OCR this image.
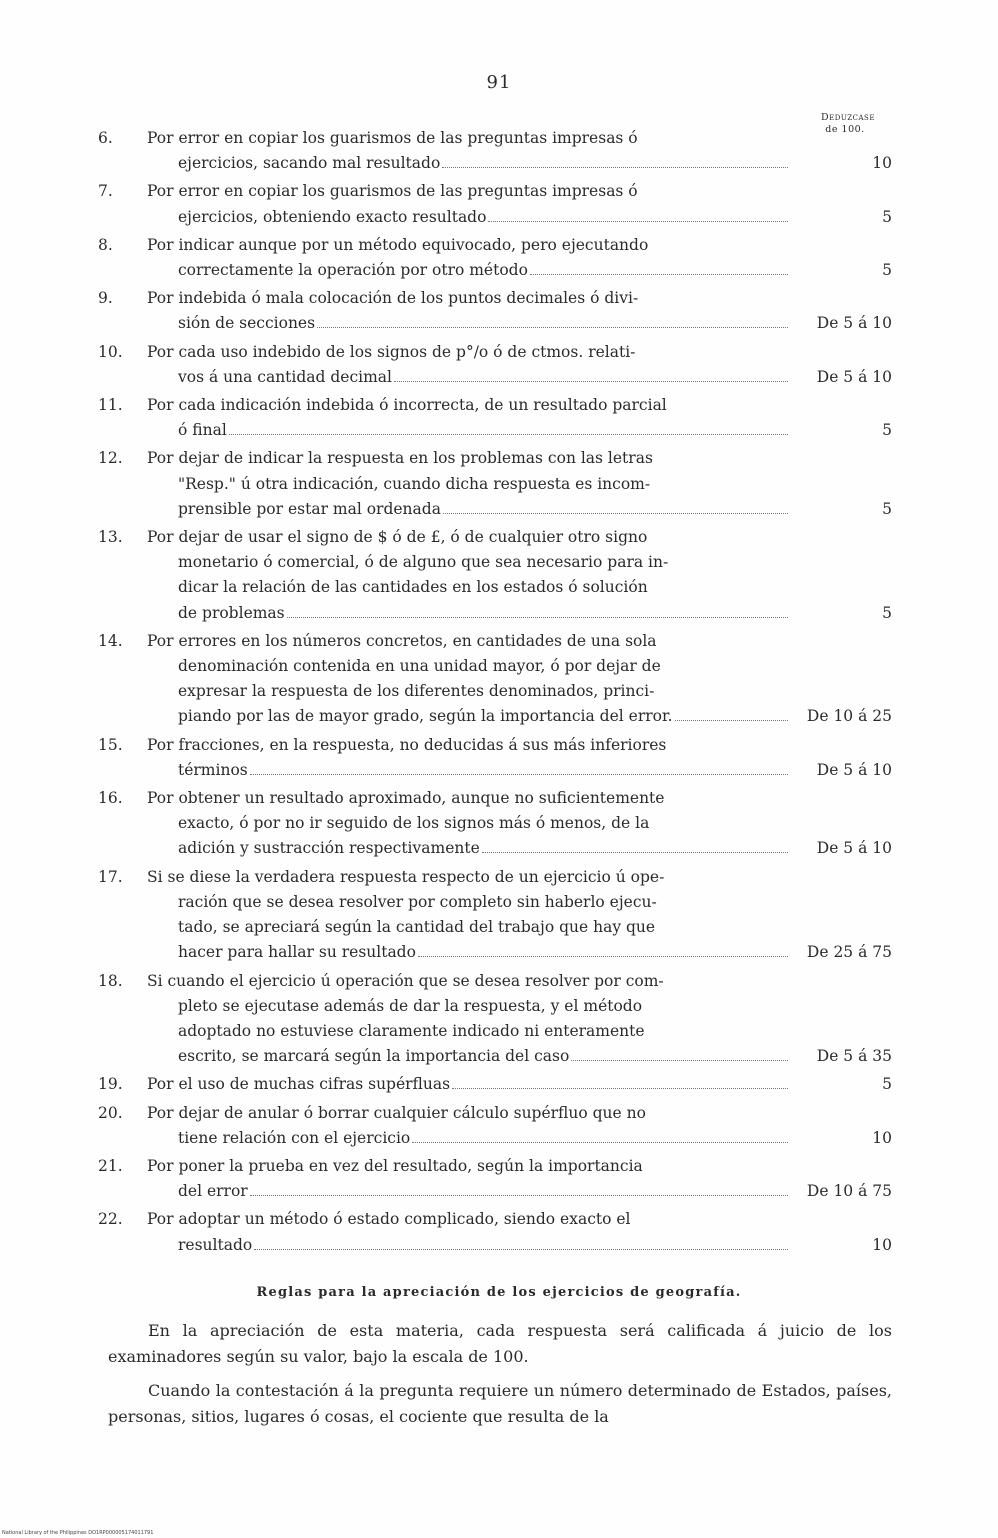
91
Deduzcase
de 100.
6.	Por error en copiar los guarismos de las preguntas impresas ó
ejercicios, sacando mal resultado	10
7.	Por error en copiar los guarismos de las preguntas impresas ó
ejercicios, obteniendo exacto resultado	5
8.	Por indicar aunque por un método equivocado, pero ejecutando
correctamente la operación por otro método	5
9.	Por indebida ó mala colocación de los puntos decimales ó divi-
sión de secciones	De 5 á 10
10.	Por cada uso indebido de los signos de p°/o ó de ctmos. relati-
vos á una cantidad decimal	De 5 á 10
11.	Por cada indicación indebida ó incorrecta, de un resultado parcial
ó final	5
12.	Por dejar de indicar la respuesta en los problemas con las letras
"Resp." ú otra indicación, cuando dicha respuesta es incom-
prensible por estar mal ordenada	5
13.	Por dejar de usar el signo de $ ó de £, ó de cualquier otro signo
monetario ó comercial, ó de alguno que sea necesario para in-
dicar la relación de las cantidades en los estados ó solución
de problemas	5
14.	Por errores en los números concretos, en cantidades de una sola
denominación contenida en una unidad mayor, ó por dejar de
expresar la respuesta de los diferentes denominados, princi-
piando por las de mayor grado, según la importancia del error.	De 10 á 25
15.	Por fracciones, en la respuesta, no deducidas á sus más inferiores
términos	De 5 á 10
16.	Por obtener un resultado aproximado, aunque no suficientemente
exacto, ó por no ir seguido de los signos más ó menos, de la
adición y sustracción respectivamente	De 5 á 10
17.	Si se diese la verdadera respuesta respecto de un ejercicio ú ope-
ración que se desea resolver por completo sin haberlo ejecu-
tado, se apreciará según la cantidad del trabajo que hay que
hacer para hallar su resultado	De 25 á 75
18.	Si cuando el ejercicio ú operación que se desea resolver por com-
pleto se ejecutase además de dar la respuesta, y el método
adoptado no estuviese claramente indicado ni enteramente
escrito, se marcará según la importancia del caso	De 5 á 35
19.	Por el uso de muchas cifras supérfluas	5
20.	Por dejar de anular ó borrar cualquier cálculo supérfluo que no
tiene relación con el ejercicio	10
21.	Por poner la prueba en vez del resultado, según la importancia
del error	De 10 á 75
22.	Por adoptar un método ó estado complicado, siendo exacto el
resultado	10
Reglas para la apreciación de los ejercicios de geografía.

En la apreciación de esta materia, cada respuesta será calificada á juicio de los examinadores según su valor, bajo la escala de 100.

Cuando la contestación á la pregunta requiere un número determinado de Estados, países, personas, sitios, lugares ó cosas, el cociente que resulta de la

National Library of the Philippines DO1RP000005174011791
